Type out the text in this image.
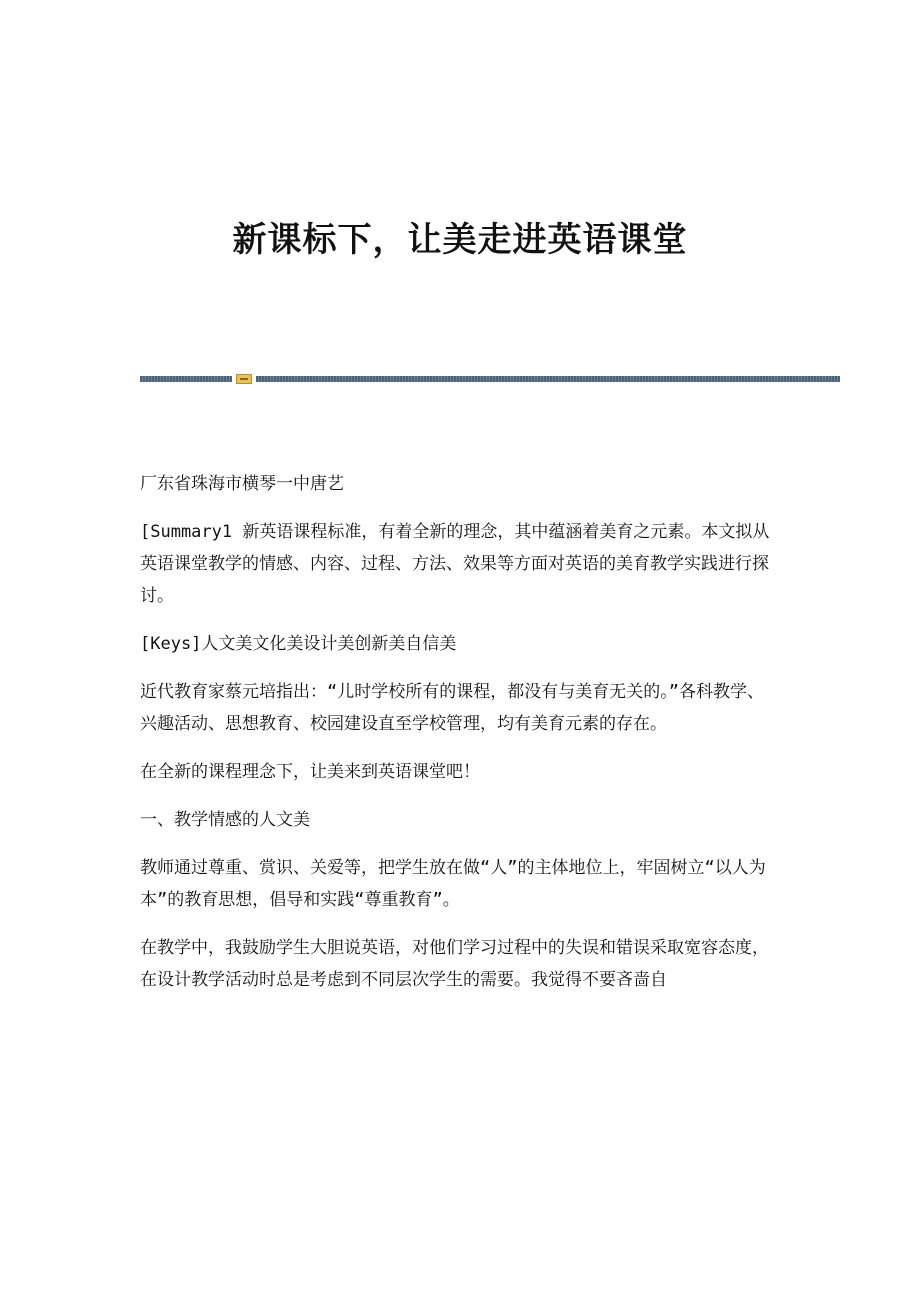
新课标下，让美走进英语课堂

厂东省珠海市横琴一中唐艺

[Summary1 新英语课程标准，有着全新的理念，其中蕴涵着美育之元素。本文拟从英语课堂教学的情感、内容、过程、方法、效果等方面对英语的美育教学实践进行探讨。

[Keys]人文美文化美设计美创新美自信美

近代教育家蔡元培指出：“儿时学校所有的课程，都没有与美育无关的。”各科教学、兴趣活动、思想教育、校园建设直至学校管理，均有美育元素的存在。

在全新的课程理念下，让美来到英语课堂吧！

一、教学情感的人文美

教师通过尊重、赏识、关爱等，把学生放在做“人”的主体地位上，牢固树立“以人为本”的教育思想，倡导和实践“尊重教育”。

在教学中，我鼓励学生大胆说英语，对他们学习过程中的失误和错误采取宽容态度，在设计教学活动时总是考虑到不同层次学生的需要。我觉得不要吝啬自
